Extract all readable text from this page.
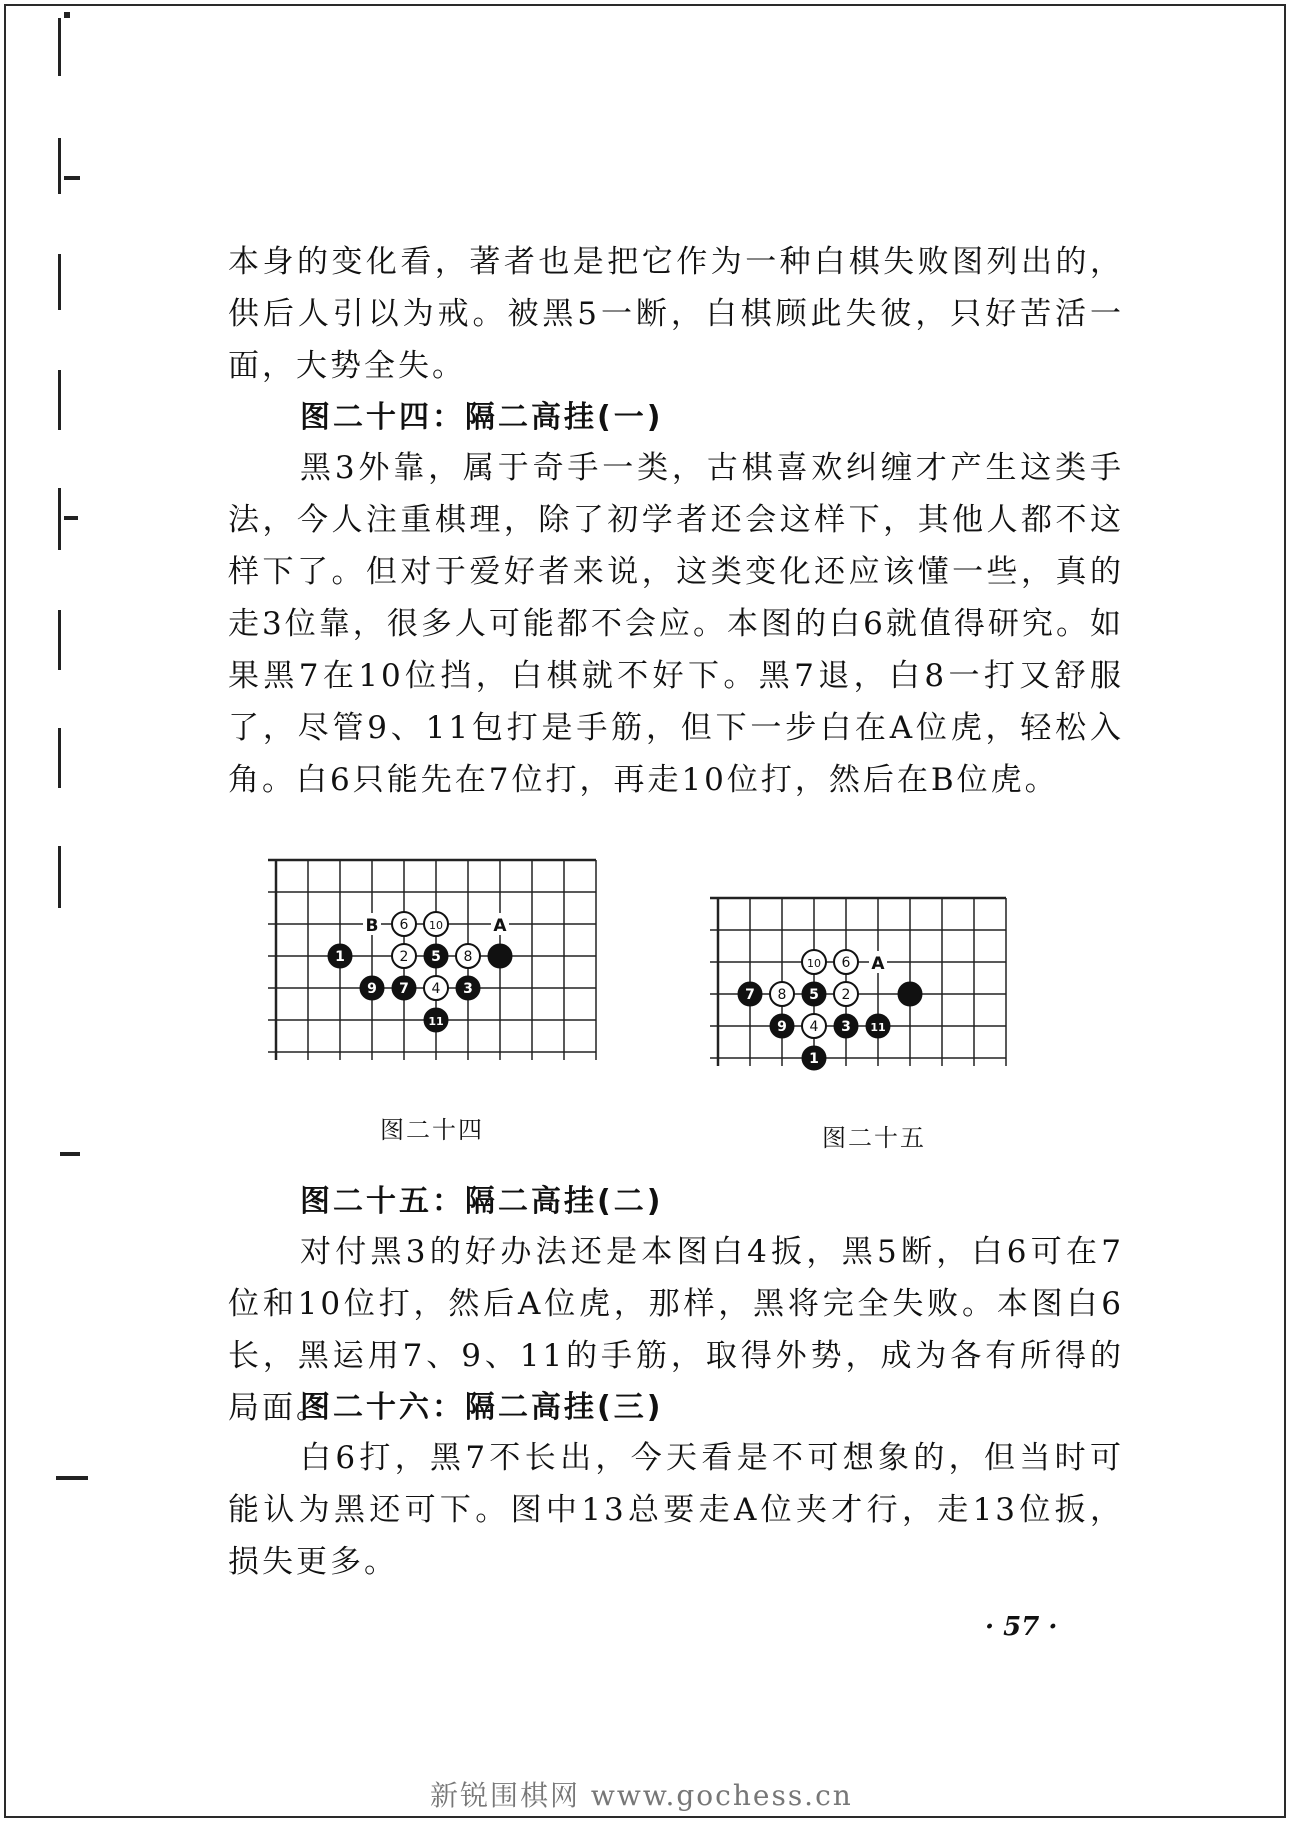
本身的变化看，著者也是把它作为一种白棋失败图列出的，供后人引以为戒。被黑5一断，白棋顾此失彼，只好苦活一面，大势全失。

图二十四：隔二高挂(一)

黑3外靠，属于奇手一类，古棋喜欢纠缠才产生这类手法，今人注重棋理，除了初学者还会这样下，其他人都不这样下了。但对于爱好者来说，这类变化还应该懂一些，真的走3位靠，很多人可能都不会应。本图的白6就值得研究。如果黑7在10位挡，白棋就不好下。黑7退，白8一打又舒服了，尽管9、11包打是手筋，但下一步白在A位虎，轻松入角。白6只能先在7位打，再走10位打，然后在B位虎。

B	A
2
4
6
8
10
1
3
5
7
9
11
图二十四
A
10 6
8	2
4
7	5
9	3 11
1
图二十五

图二十五：隔二高挂(二)

对付黑3的好办法还是本图白4扳，黑5断，白6可在7位和10位打，然后A位虎，那样，黑将完全失败。本图白6长，黑运用7、9、11的手筋，取得外势，成为各有所得的局面。

图二十六：隔二高挂(三)

白6打，黑7不长出，今天看是不可想象的，但当时可能认为黑还可下。图中13总要走A位夹才行，走13位扳，损失更多。

· 57 ·
新锐围棋网 www.gochess.cn
